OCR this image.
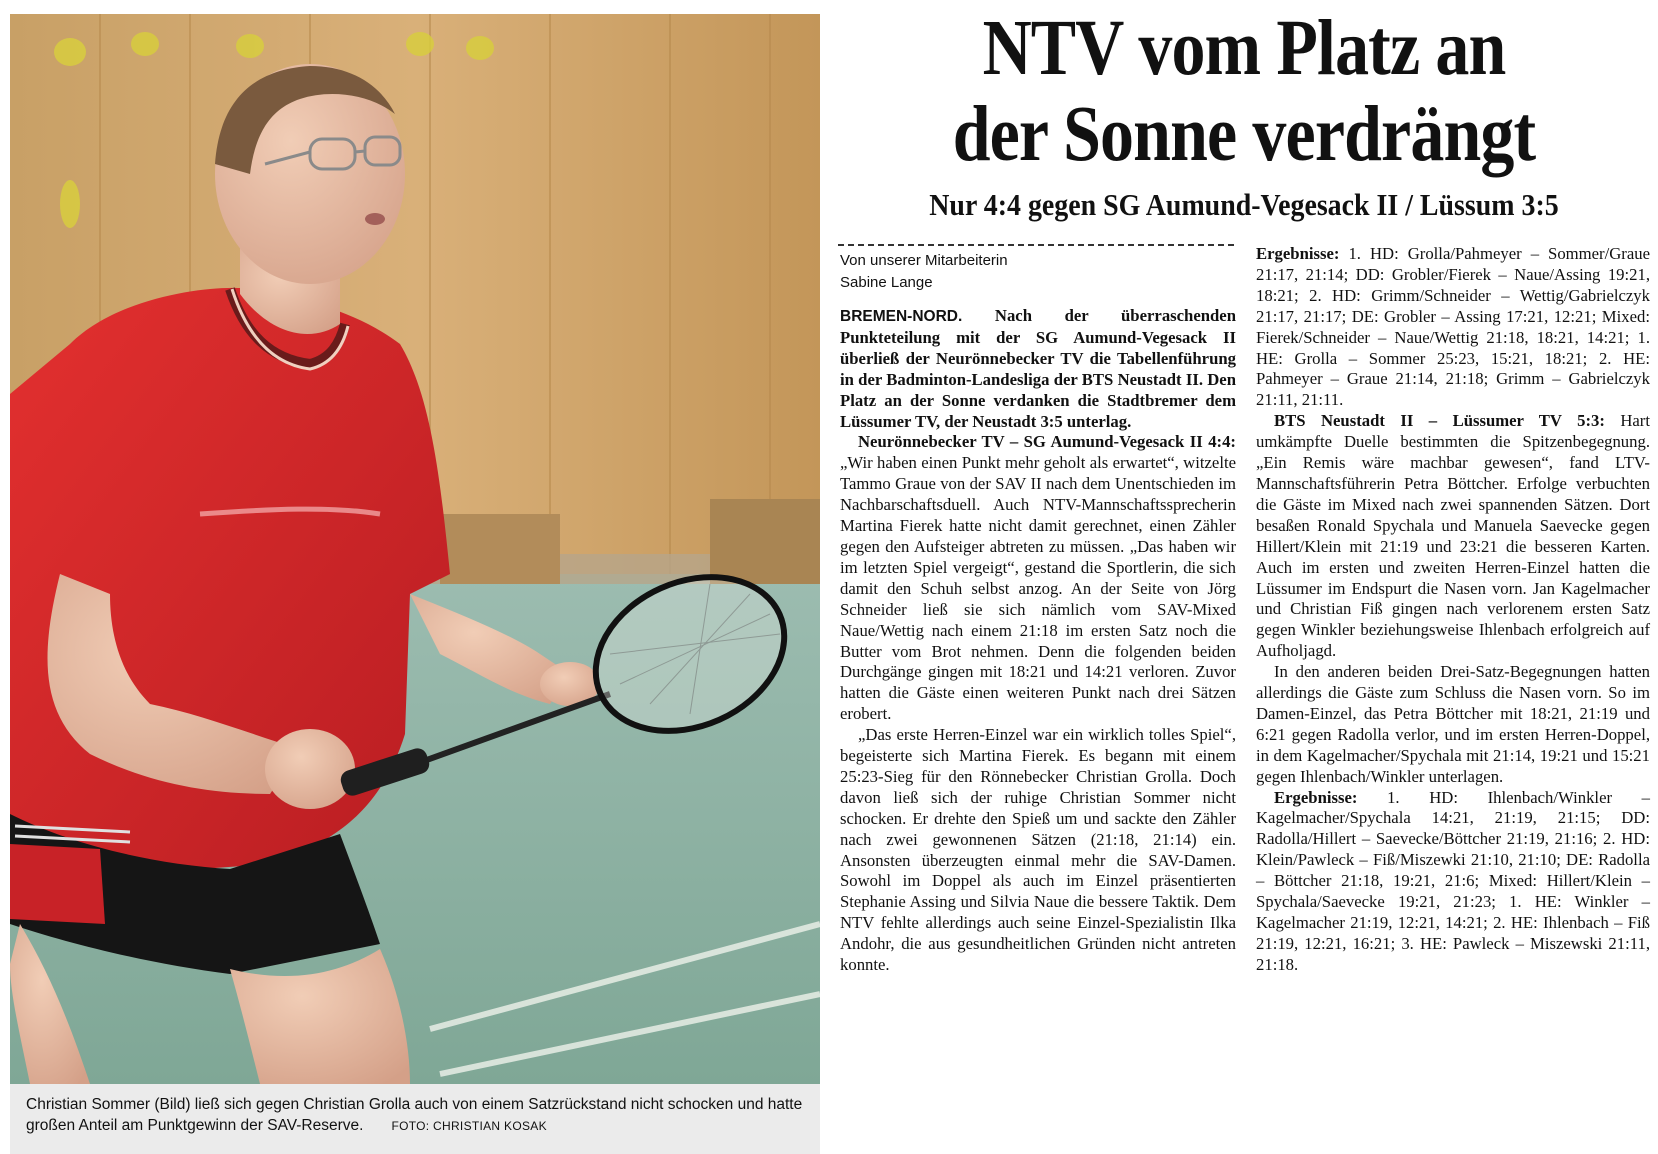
Christian Sommer (Bild) ließ sich gegen Christian Grolla auch von einem Satzrückstand nicht schocken und hatte großen Anteil am Punktgewinn der SAV-Reserve. FOTO: CHRISTIAN KOSAK
NTV vom Platz an
der Sonne verdrängt
Nur 4:4 gegen SG Aumund-Vegesack II / Lüssum 3:5
Von unserer Mitarbeiterin
Sabine Lange

BREMEN-NORD. Nach der überraschenden Punkteteilung mit der SG Aumund-Vegesack II überließ der Neurönnebecker TV die Tabellenführung in der Badminton-Landesliga der BTS Neustadt II. Den Platz an der Sonne verdanken die Stadtbremer dem Lüssumer TV, der Neustadt 3:5 unterlag.

Neurönnebecker TV – SG Aumund-Vegesack II 4:4:„Wir haben einen Punkt mehr geholt als erwartet“, witzelte Tammo Graue von der SAV II nach dem Unentschieden im Nachbarschaftsduell. Auch NTV-Mannschaftssprecherin Martina Fierek hatte nicht damit gerechnet, einen Zähler gegen den Aufsteiger abtreten zu müssen. „Das haben wir im letzten Spiel vergeigt“, gestand die Sportlerin, die sich damit den Schuh selbst anzog. An der Seite von Jörg Schneider ließ sie sich nämlich vom SAV-Mixed Naue/Wettig nach einem 21:18 im ersten Satz noch die Butter vom Brot nehmen. Denn die folgenden beiden Durchgänge gingen mit 18:21 und 14:21 verloren. Zuvor hatten die Gäste einen weiteren Punkt nach drei Sätzen erobert.

„Das erste Herren-Einzel war ein wirklich tolles Spiel“, begeisterte sich Martina Fierek. Es begann mit einem 25:23-Sieg für den Rönnebecker Christian Grolla. Doch davon ließ sich der ruhige Christian Sommer nicht schocken. Er drehte den Spieß um und sackte den Zähler nach zwei gewonnenen Sätzen (21:18, 21:14) ein. Ansonsten überzeugten einmal mehr die SAV-Damen. Sowohl im Doppel als auch im Einzel präsentierten Stephanie Assing und Silvia Naue die bessere Taktik. Dem NTV fehlte allerdings auch seine Einzel-Spezialistin Ilka Andohr, die aus gesundheitlichen Gründen nicht antreten konnte.

Ergebnisse: 1. HD: Grolla/Pahmeyer – Sommer/Graue 21:17, 21:14; DD: Grobler/Fierek – Naue/Assing 19:21, 18:21; 2. HD: Grimm/Schneider – Wettig/Gabrielczyk 21:17, 21:17; DE: Grobler – Assing 17:21, 12:21; Mixed: Fierek/Schneider – Naue/Wettig 21:18, 18:21, 14:21; 1. HE: Grolla – Sommer 25:23, 15:21, 18:21; 2. HE: Pahmeyer – Graue 21:14, 21:18; Grimm – Gabrielczyk 21:11, 21:11.

BTS Neustadt II – Lüssumer TV 5:3: Hart umkämpfte Duelle bestimmten die Spitzenbegegnung. „Ein Remis wäre machbar gewesen“, fand LTV-Mannschaftsführerin Petra Böttcher. Erfolge verbuchten die Gäste im Mixed nach zwei spannenden Sätzen. Dort besaßen Ronald Spychala und Manuela Saevecke gegen Hillert/Klein mit 21:19 und 23:21 die besseren Karten. Auch im ersten und zweiten Herren-Einzel hatten die Lüssumer im Endspurt die Nasen vorn. Jan Kagelmacher und Christian Fiß gingen nach verlorenem ersten Satz gegen Winkler beziehungsweise Ihlenbach erfolgreich auf Aufholjagd.

In den anderen beiden Drei-Satz-Begegnungen hatten allerdings die Gäste zum Schluss die Nasen vorn. So im Damen-Einzel, das Petra Böttcher mit 18:21, 21:19 und 6:21 gegen Radolla verlor, und im ersten Herren-Doppel, in dem Kagelmacher/Spychala mit 21:14, 19:21 und 15:21 gegen Ihlenbach/Winkler unterlagen.

Ergebnisse: 1. HD: Ihlenbach/Winkler – Kagelmacher/Spychala 14:21, 21:19, 21:15; DD: Radolla/Hillert – Saevecke/Böttcher 21:19, 21:16; 2. HD: Klein/Pawleck – Fiß/Miszewki 21:10, 21:10; DE: Radolla – Böttcher 21:18, 19:21, 21:6; Mixed: Hillert/Klein – Spychala/Saevecke 19:21, 21:23; 1. HE: Winkler – Kagelmacher 21:19, 12:21, 14:21; 2. HE: Ihlenbach – Fiß 21:19, 12:21, 16:21; 3. HE: Pawleck – Miszewski 21:11, 21:18.
